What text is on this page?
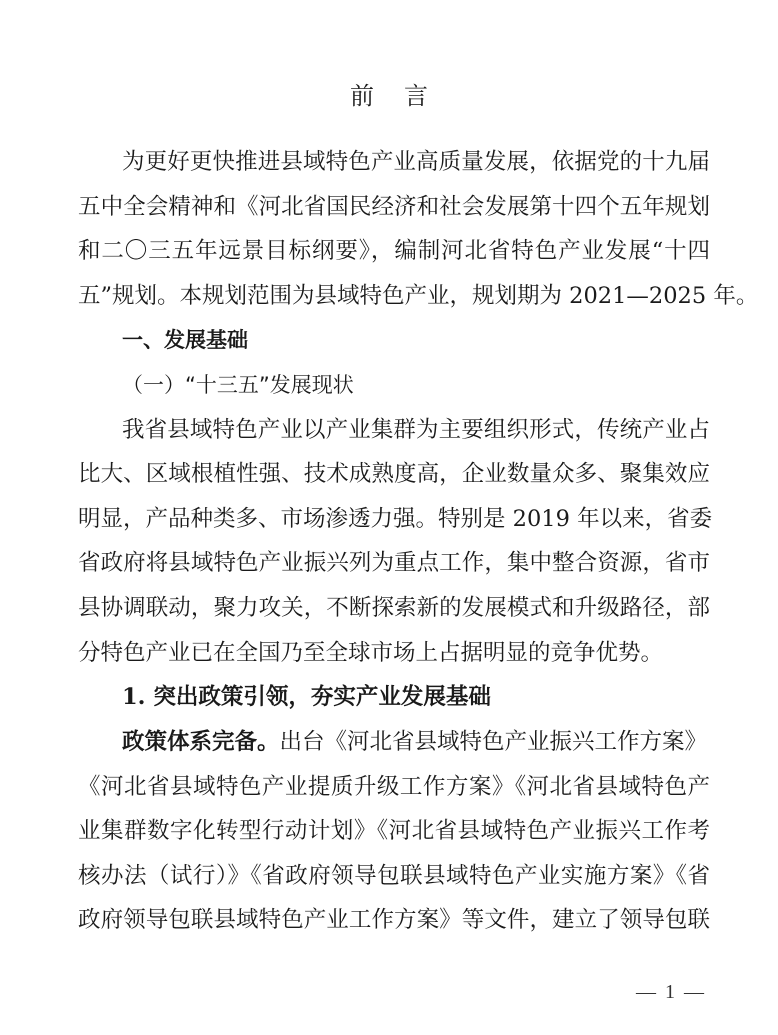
前言
为更好更快推进县域特色产业高质量发展，依据党的十九届
五中全会精神和《河北省国民经济和社会发展第十四个五年规划
和二〇三五年远景目标纲要》，编制河北省特色产业发展“十四
五”规划。本规划范围为县域特色产业，规划期为 2021—2025 年。
一、发展基础
（一）“十三五”发展现状
我省县域特色产业以产业集群为主要组织形式，传统产业占
比大、区域根植性强、技术成熟度高，企业数量众多、聚集效应
明显，产品种类多、市场渗透力强。特别是 2019 年以来，省委
省政府将县域特色产业振兴列为重点工作，集中整合资源，省市
县协调联动，聚力攻关，不断探索新的发展模式和升级路径，部
分特色产业已在全国乃至全球市场上占据明显的竞争优势。
1. 突出政策引领，夯实产业发展基础
政策体系完备。出台《河北省县域特色产业振兴工作方案》
《河北省县域特色产业提质升级工作方案》《河北省县域特色产
业集群数字化转型行动计划》《河北省县域特色产业振兴工作考
核办法（试行）》《省政府领导包联县域特色产业实施方案》《省
政府领导包联县域特色产业工作方案》等文件，建立了领导包联
— 1 —
